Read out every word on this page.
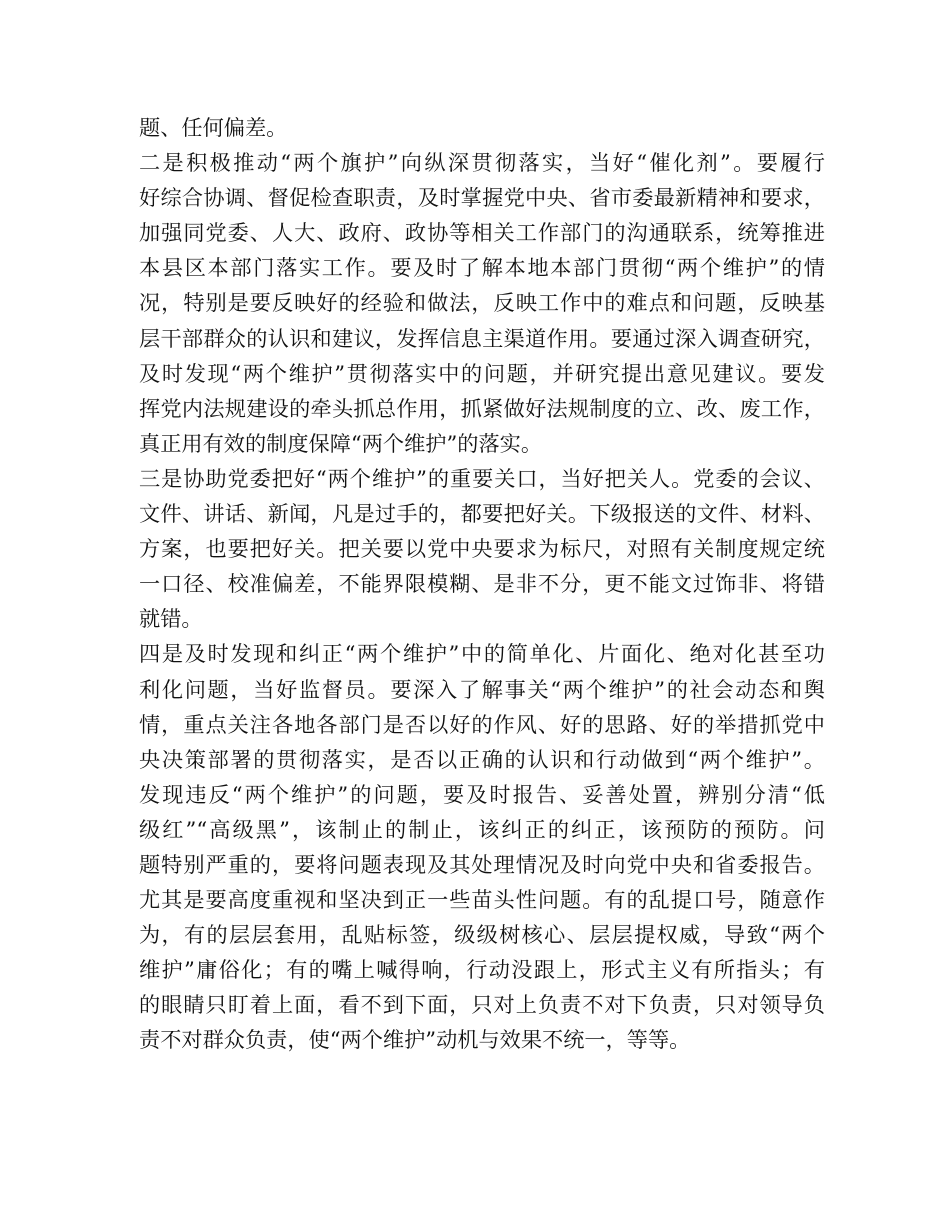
题、任何偏差。
二是积极推动“两个旗护”向纵深贯彻落实，当好“催化剂”。要履行
好综合协调、督促检查职责，及时掌握党中央、省市委最新精神和要求，
加强同党委、人大、政府、政协等相关工作部门的沟通联系，统筹推进
本县区本部门落实工作。要及时了解本地本部门贯彻“两个维护”的情
况，特别是要反映好的经验和做法，反映工作中的难点和问题，反映基
层干部群众的认识和建议，发挥信息主渠道作用。要通过深入调查研究，
及时发现“两个维护”贯彻落实中的问题，并研究提出意见建议。要发
挥党内法规建设的牵头抓总作用，抓紧做好法规制度的立、改、废工作，
真正用有效的制度保障“两个维护”的落实。
三是协助党委把好“两个维护”的重要关口，当好把关人。党委的会议、
文件、讲话、新闻，凡是过手的，都要把好关。下级报送的文件、材料、
方案，也要把好关。把关要以党中央要求为标尺，对照有关制度规定统
一口径、校准偏差，不能界限模糊、是非不分，更不能文过饰非、将错
就错。
四是及时发现和纠正“两个维护”中的简单化、片面化、绝对化甚至功
利化问题，当好监督员。要深入了解事关“两个维护”的社会动态和舆
情，重点关注各地各部门是否以好的作风、好的思路、好的举措抓党中
央决策部署的贯彻落实，是否以正确的认识和行动做到“两个维护”。
发现违反“两个维护”的问题，要及时报告、妥善处置，辨别分清“低
级红”“高级黑”，该制止的制止，该纠正的纠正，该预防的预防。问
题特别严重的，要将问题表现及其处理情况及时向党中央和省委报告。
尤其是要高度重视和坚决到正一些苗头性问题。有的乱提口号，随意作
为，有的层层套用，乱贴标签，级级树核心、层层提权威，导致“两个
维护”庸俗化；有的嘴上喊得响，行动没跟上，形式主义有所指头；有
的眼睛只盯着上面，看不到下面，只对上负责不对下负责，只对领导负
责不对群众负责，使“两个维护”动机与效果不统一，等等。
